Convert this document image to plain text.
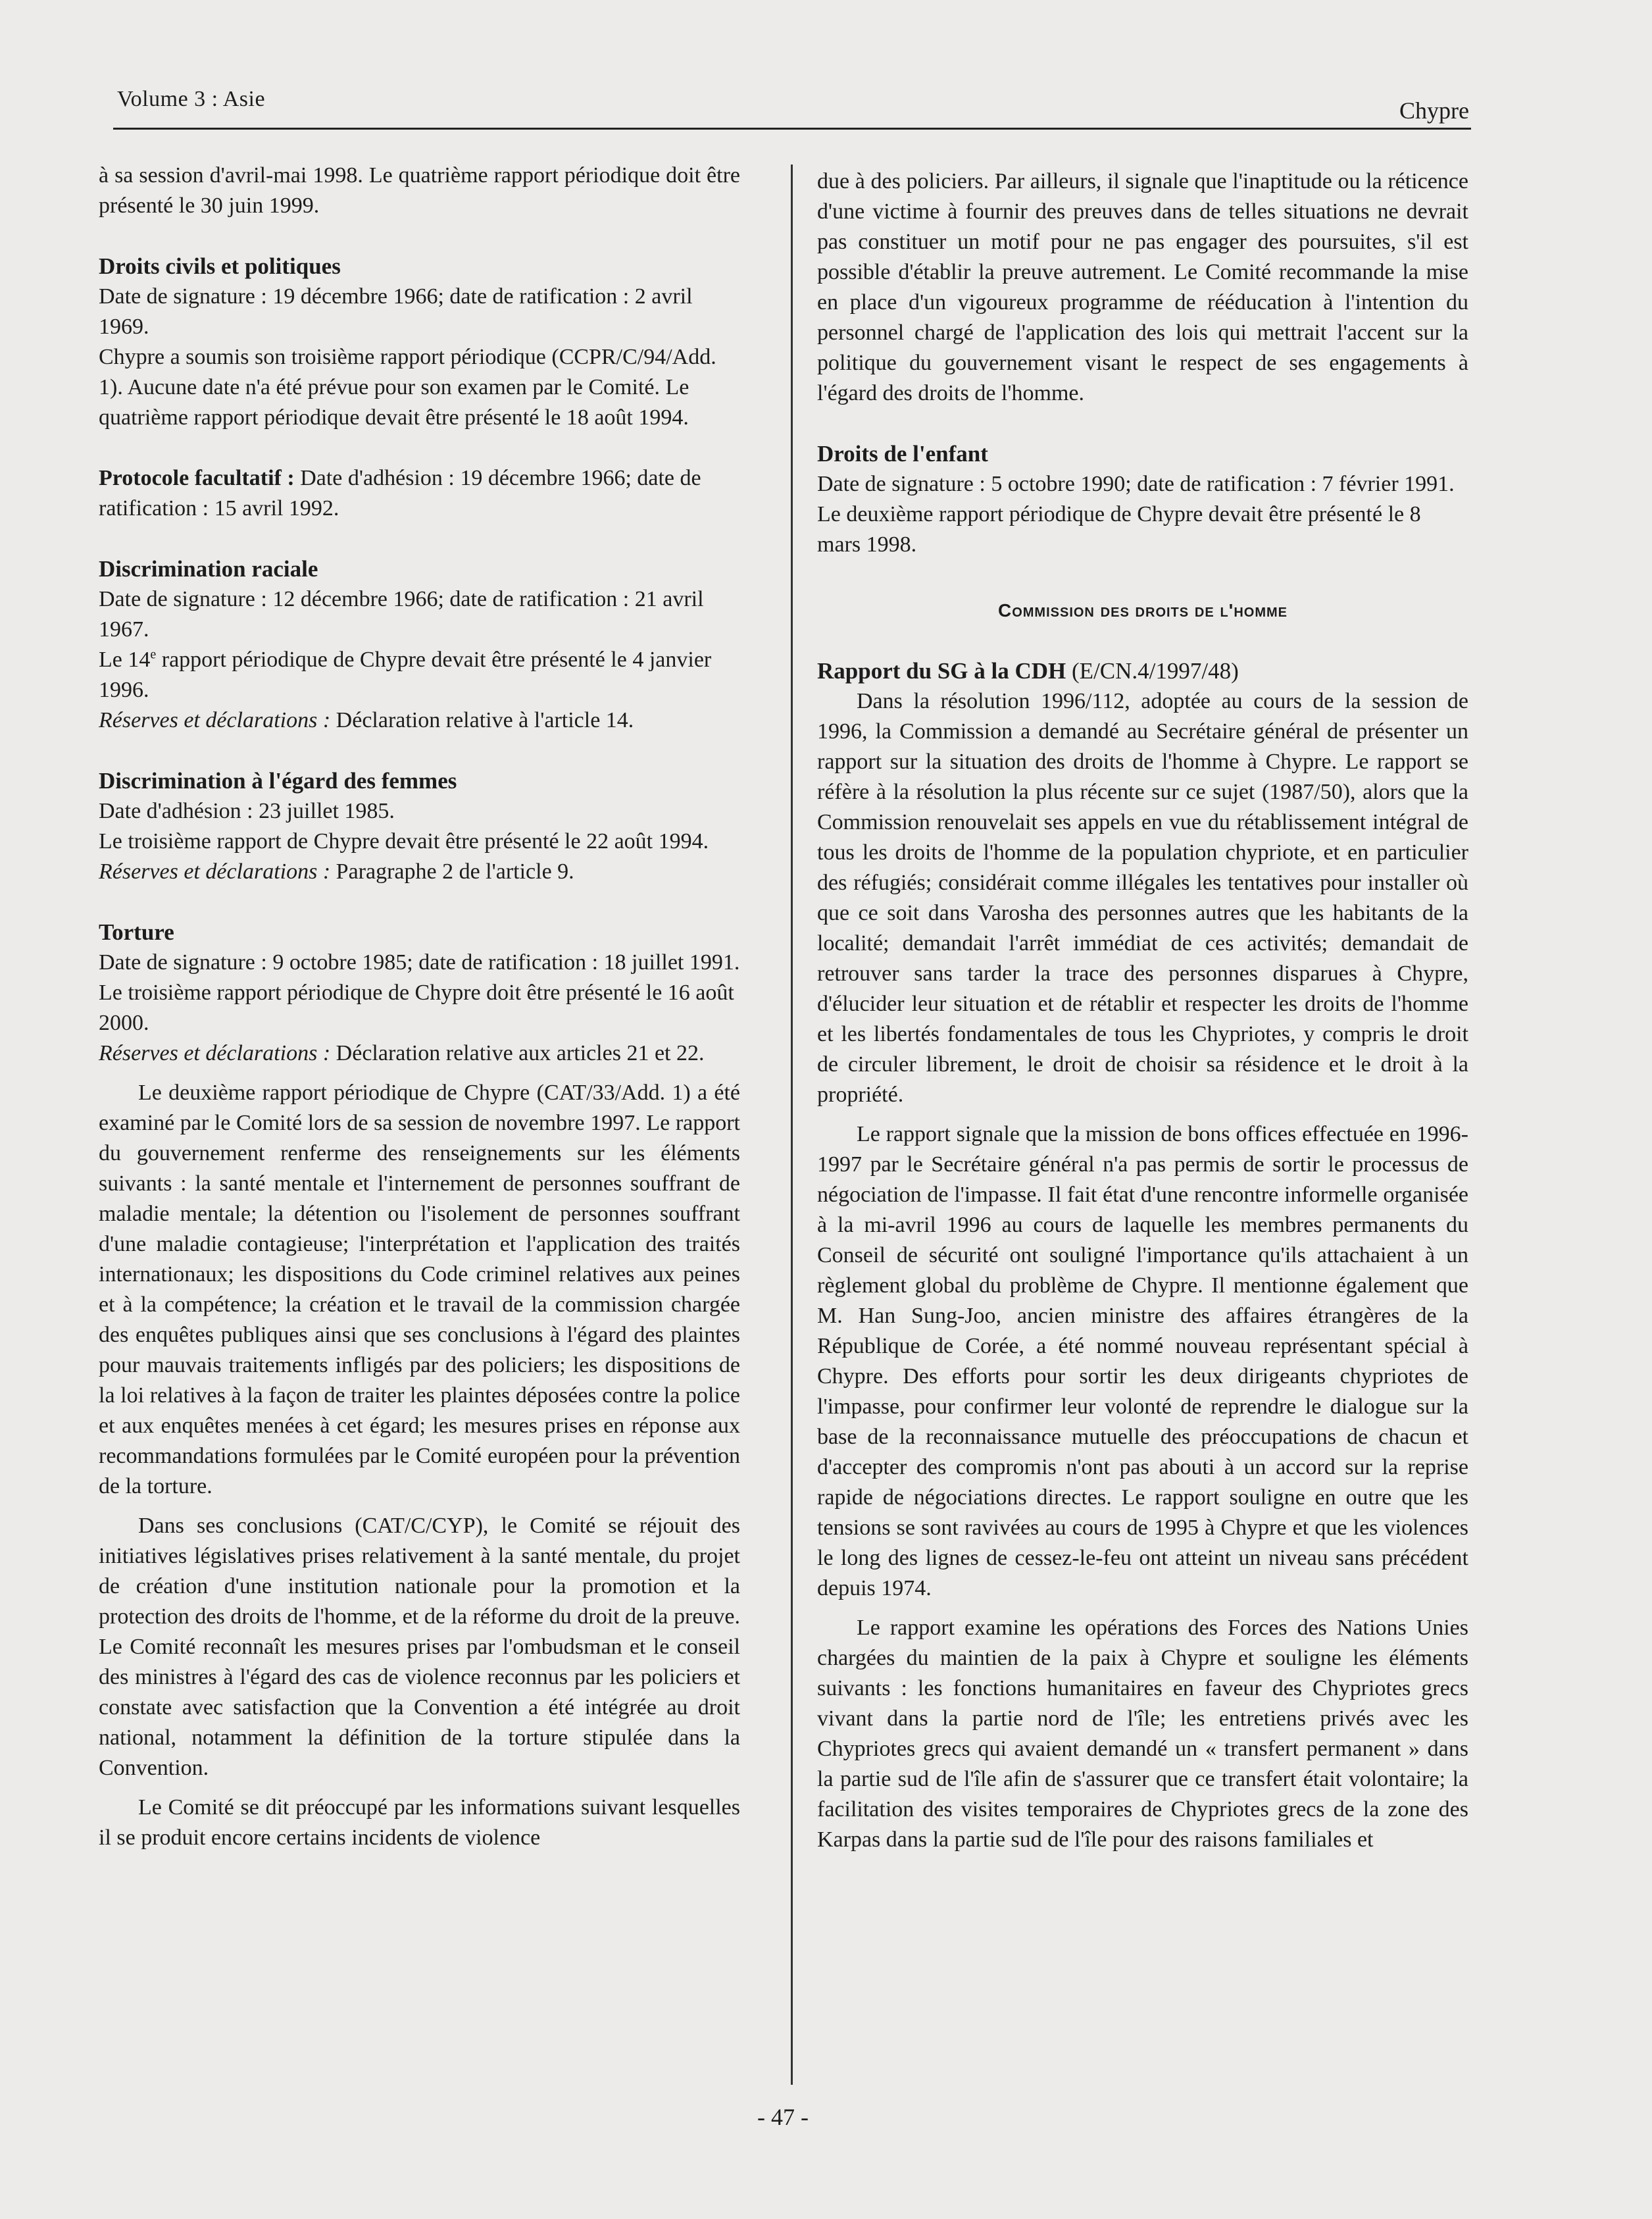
Volume 3 : Asie	Chypre

à sa session d'avril-mai 1998. Le quatrième rapport périodique doit être présenté le 30 juin 1999.

Droits civils et politiques

Date de signature : 19 décembre 1966; date de ratification : 2 avril 1969.

Chypre a soumis son troisième rapport périodique (CCPR/C/94/Add. 1). Aucune date n'a été prévue pour son examen par le Comité. Le quatrième rapport périodique devait être présenté le 18 août 1994.

Protocole facultatif : Date d'adhésion : 19 décembre 1966; date de ratification : 15 avril 1992.

Discrimination raciale

Date de signature : 12 décembre 1966; date de ratification : 21 avril 1967.

Le 14e rapport périodique de Chypre devait être présenté le 4 janvier 1996.

Réserves et déclarations : Déclaration relative à l'article 14.

Discrimination à l'égard des femmes

Date d'adhésion : 23 juillet 1985.

Le troisième rapport de Chypre devait être présenté le 22 août 1994.

Réserves et déclarations : Paragraphe 2 de l'article 9.

Torture

Date de signature : 9 octobre 1985; date de ratification : 18 juillet 1991.

Le troisième rapport périodique de Chypre doit être présenté le 16 août 2000.

Réserves et déclarations : Déclaration relative aux articles 21 et 22.

Le deuxième rapport périodique de Chypre (CAT/33/Add. 1) a été examiné par le Comité lors de sa session de novembre 1997. Le rapport du gouvernement renferme des renseignements sur les éléments suivants : la santé mentale et l'internement de personnes souffrant de maladie mentale; la détention ou l'isolement de personnes souffrant d'une maladie contagieuse; l'interprétation et l'application des traités internationaux; les dispositions du Code criminel relatives aux peines et à la compétence; la création et le travail de la commission chargée des enquêtes publiques ainsi que ses conclusions à l'égard des plaintes pour mauvais traitements infligés par des policiers; les dispositions de la loi relatives à la façon de traiter les plaintes déposées contre la police et aux enquêtes menées à cet égard; les mesures prises en réponse aux recommandations formulées par le Comité européen pour la prévention de la torture.

Dans ses conclusions (CAT/C/CYP), le Comité se réjouit des initiatives législatives prises relativement à la santé mentale, du projet de création d'une institution nationale pour la promotion et la protection des droits de l'homme, et de la réforme du droit de la preuve. Le Comité reconnaît les mesures prises par l'ombudsman et le conseil des ministres à l'égard des cas de violence reconnus par les policiers et constate avec satisfaction que la Convention a été intégrée au droit national, notamment la définition de la torture stipulée dans la Convention.

Le Comité se dit préoccupé par les informations suivant lesquelles il se produit encore certains incidents de violence

due à des policiers. Par ailleurs, il signale que l'inaptitude ou la réticence d'une victime à fournir des preuves dans de telles situations ne devrait pas constituer un motif pour ne pas engager des poursuites, s'il est possible d'établir la preuve autrement. Le Comité recommande la mise en place d'un vigoureux programme de rééducation à l'intention du personnel chargé de l'application des lois qui mettrait l'accent sur la politique du gouvernement visant le respect de ses engagements à l'égard des droits de l'homme.

Droits de l'enfant

Date de signature : 5 octobre 1990; date de ratification : 7 février 1991.

Le deuxième rapport périodique de Chypre devait être présenté le 8 mars 1998.

Commission des droits de l'homme

Rapport du SG à la CDH (E/CN.4/1997/48)

Dans la résolution 1996/112, adoptée au cours de la session de 1996, la Commission a demandé au Secrétaire général de présenter un rapport sur la situation des droits de l'homme à Chypre. Le rapport se réfère à la résolution la plus récente sur ce sujet (1987/50), alors que la Commission renouvelait ses appels en vue du rétablissement intégral de tous les droits de l'homme de la population chypriote, et en particulier des réfugiés; considérait comme illégales les tentatives pour installer où que ce soit dans Varosha des personnes autres que les habitants de la localité; demandait l'arrêt immédiat de ces activités; demandait de retrouver sans tarder la trace des personnes disparues à Chypre, d'élucider leur situation et de rétablir et respecter les droits de l'homme et les libertés fondamentales de tous les Chypriotes, y compris le droit de circuler librement, le droit de choisir sa résidence et le droit à la propriété.

Le rapport signale que la mission de bons offices effectuée en 1996-1997 par le Secrétaire général n'a pas permis de sortir le processus de négociation de l'impasse. Il fait état d'une rencontre informelle organisée à la mi-avril 1996 au cours de laquelle les membres permanents du Conseil de sécurité ont souligné l'importance qu'ils attachaient à un règlement global du problème de Chypre. Il mentionne également que M. Han Sung-Joo, ancien ministre des affaires étrangères de la République de Corée, a été nommé nouveau représentant spécial à Chypre. Des efforts pour sortir les deux dirigeants chypriotes de l'impasse, pour confirmer leur volonté de reprendre le dialogue sur la base de la reconnaissance mutuelle des préoccupations de chacun et d'accepter des compromis n'ont pas abouti à un accord sur la reprise rapide de négociations directes. Le rapport souligne en outre que les tensions se sont ravivées au cours de 1995 à Chypre et que les violences le long des lignes de cessez-le-feu ont atteint un niveau sans précédent depuis 1974.

Le rapport examine les opérations des Forces des Nations Unies chargées du maintien de la paix à Chypre et souligne les éléments suivants : les fonctions humanitaires en faveur des Chypriotes grecs vivant dans la partie nord de l'île; les entretiens privés avec les Chypriotes grecs qui avaient demandé un « transfert permanent » dans la partie sud de l'île afin de s'assurer que ce transfert était volontaire; la facilitation des visites temporaires de Chypriotes grecs de la zone des Karpas dans la partie sud de l'île pour des raisons familiales et

- 47 -
